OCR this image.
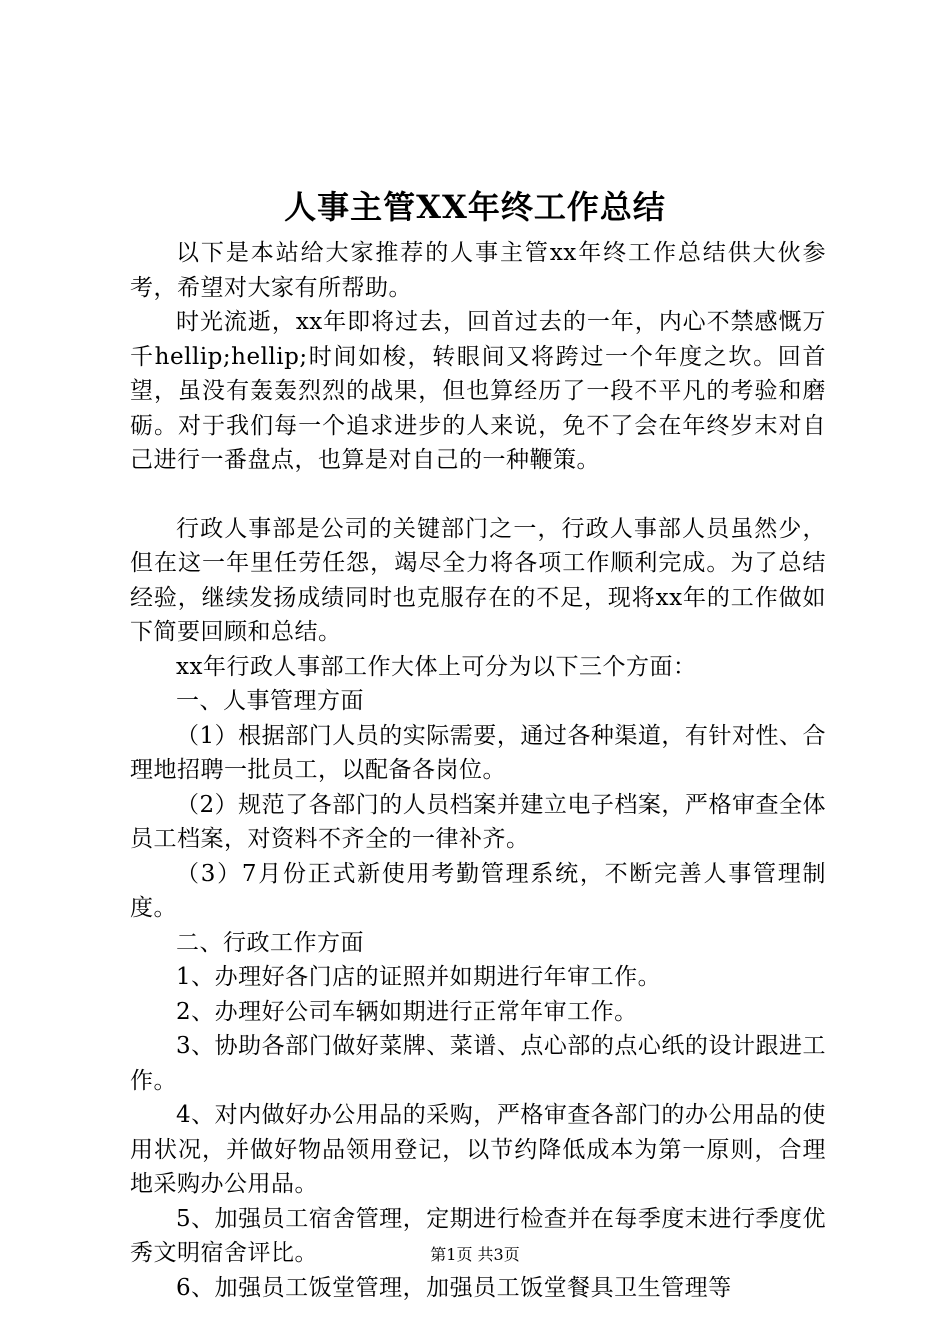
人事主管XX年终工作总结

以下是本站给大家推荐的人事主管xx年终工作总结供大伙参考，希望对大家有所帮助。

时光流逝，xx年即将过去，回首过去的一年，内心不禁感慨万千hellip;hellip;时间如梭，转眼间又将跨过一个年度之坎。回首望，虽没有轰轰烈烈的战果，但也算经历了一段不平凡的考验和磨砺。对于我们每一个追求进步的人来说，免不了会在年终岁末对自己进行一番盘点，也算是对自己的一种鞭策。

行政人事部是公司的关键部门之一，行政人事部人员虽然少，但在这一年里任劳任怨，竭尽全力将各项工作顺利完成。为了总结经验，继续发扬成绩同时也克服存在的不足，现将xx年的工作做如下简要回顾和总结。

xx年行政人事部工作大体上可分为以下三个方面：

一、人事管理方面

（1）根据部门人员的实际需要，通过各种渠道，有针对性、合理地招聘一批员工，以配备各岗位。

（2）规范了各部门的人员档案并建立电子档案，严格审查全体员工档案，对资料不齐全的一律补齐。

（3）7月份正式新使用考勤管理系统，不断完善人事管理制度。

二、行政工作方面

1、办理好各门店的证照并如期进行年审工作。

2、办理好公司车辆如期进行正常年审工作。

3、协助各部门做好菜牌、菜谱、点心部的点心纸的设计跟进工作。

4、对内做好办公用品的采购，严格审查各部门的办公用品的使用状况，并做好物品领用登记，以节约降低成本为第一原则，合理地采购办公用品。

5、加强员工宿舍管理，定期进行检查并在每季度末进行季度优秀文明宿舍评比。

6、加强员工饭堂管理，加强员工饭堂餐具卫生管理等

第1页 共3页
